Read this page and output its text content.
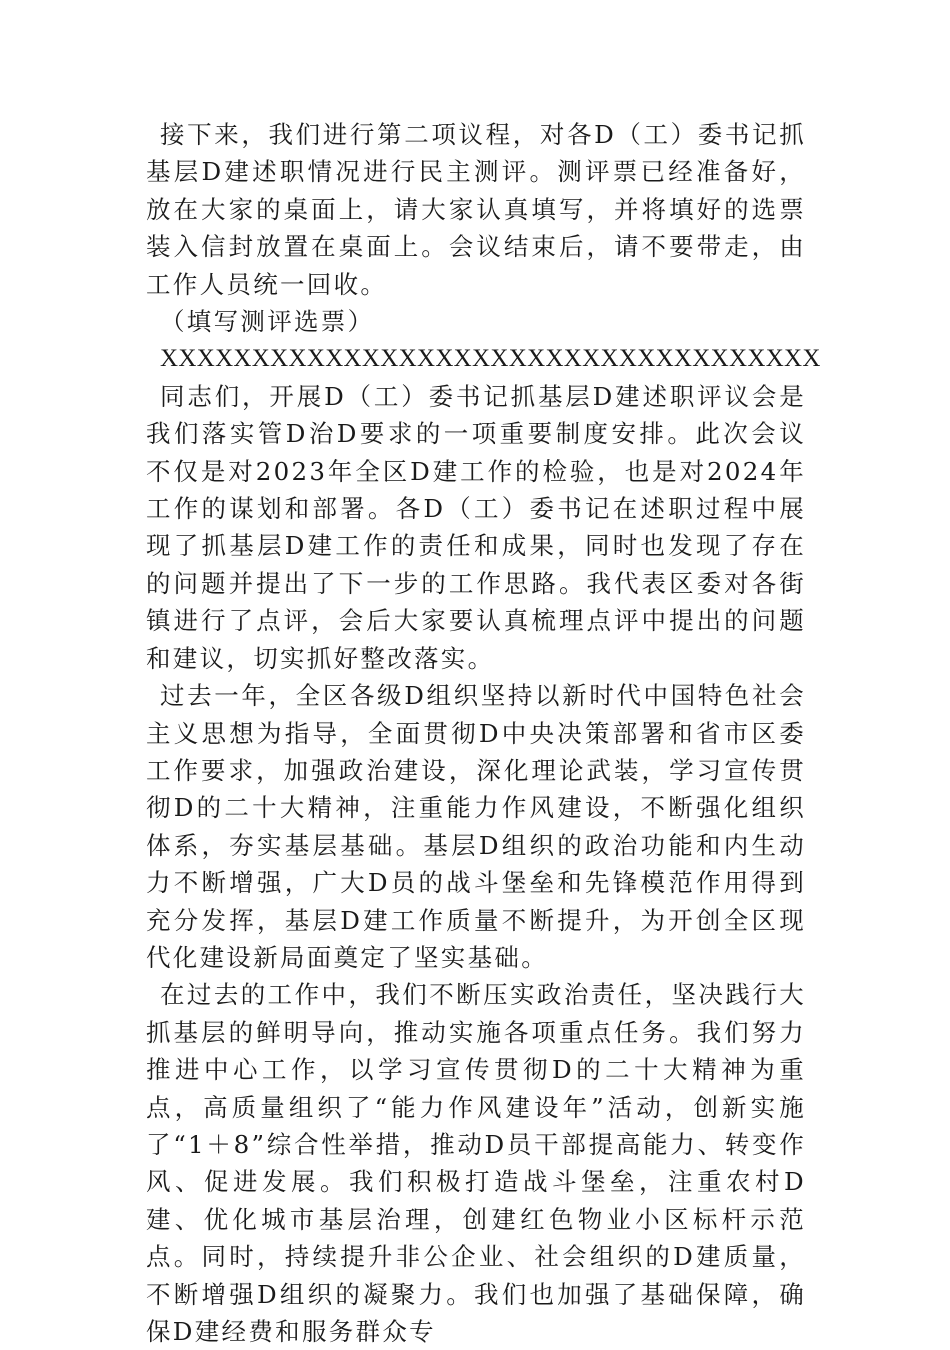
接下来，我们进行第二项议程，对各D（工）委书记抓基层D建述职情况进行民主测评。测评票已经准备好，放在大家的桌面上，请大家认真填写，并将填好的选票装入信封放置在桌面上。会议结束后，请不要带走，由工作人员统一回收。

（填写测评选票）

XXXXXXXXXXXXXXXXXXXXXXXXXXXXXXXXXXXX

同志们，开展D（工）委书记抓基层D建述职评议会是我们落实管D治D要求的一项重要制度安排。此次会议不仅是对2023年全区D建工作的检验，也是对2024年工作的谋划和部署。各D（工）委书记在述职过程中展现了抓基层D建工作的责任和成果，同时也发现了存在的问题并提出了下一步的工作思路。我代表区委对各街镇进行了点评，会后大家要认真梳理点评中提出的问题和建议，切实抓好整改落实。

过去一年，全区各级D组织坚持以新时代中国特色社会主义思想为指导，全面贯彻D中央决策部署和省市区委工作要求，加强政治建设，深化理论武装，学习宣传贯彻D的二十大精神，注重能力作风建设，不断强化组织体系，夯实基层基础。基层D组织的政治功能和内生动力不断增强，广大D员的战斗堡垒和先锋模范作用得到充分发挥，基层D建工作质量不断提升，为开创全区现代化建设新局面奠定了坚实基础。

在过去的工作中，我们不断压实政治责任，坚决践行大抓基层的鲜明导向，推动实施各项重点任务。我们努力推进中心工作，以学习宣传贯彻D的二十大精神为重点，高质量组织了“能力作风建设年”活动，创新实施了“1＋8”综合性举措，推动D员干部提高能力、转变作风、促进发展。我们积极打造战斗堡垒，注重农村D建、优化城市基层治理，创建红色物业小区标杆示范点。同时，持续提升非公企业、社会组织的D建质量，不断增强D组织的凝聚力。我们也加强了基础保障，确保D建经费和服务群众专
